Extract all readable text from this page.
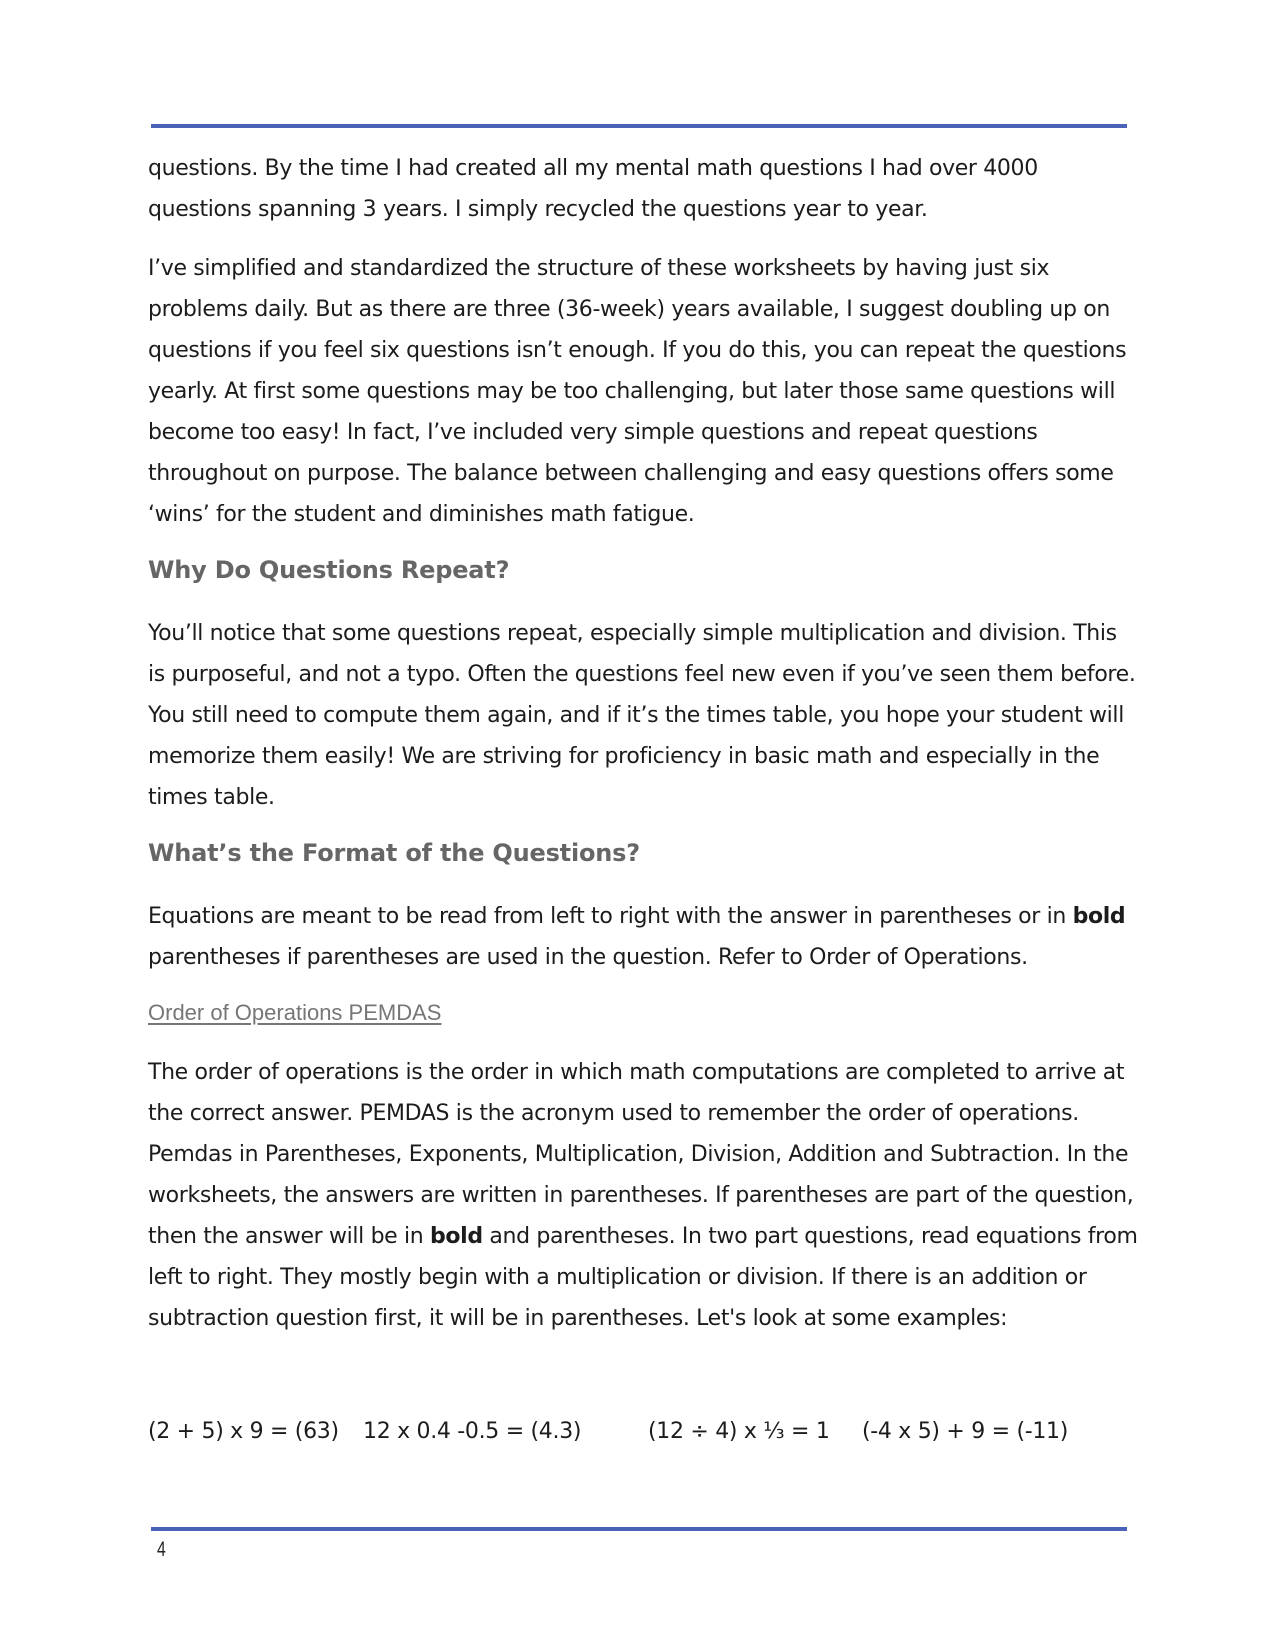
questions. By the time I had created all my mental math questions I had over 4000 questions spanning 3 years. I simply recycled the questions year to year.

I’ve simplified and standardized the structure of these worksheets by having just six problems daily. But as there are three (36-week) years available, I suggest doubling up on questions if you feel six questions isn’t enough. If you do this, you can repeat the questions yearly. At first some questions may be too challenging, but later those same questions will become too easy! In fact, I’ve included very simple questions and repeat questions throughout on purpose. The balance between challenging and easy questions offers some ‘wins’ for the student and diminishes math fatigue.

Why Do Questions Repeat?

You’ll notice that some questions repeat, especially simple multiplication and division. This is purposeful, and not a typo. Often the questions feel new even if you’ve seen them before. You still need to compute them again, and if it’s the times table, you hope your student will memorize them easily! We are striving for proficiency in basic math and especially in the times table.

What’s the Format of the Questions?

Equations are meant to be read from left to right with the answer in parentheses or in bold parentheses if parentheses are used in the question. Refer to Order of Operations.

Order of Operations PEMDAS

The order of operations is the order in which math computations are completed to arrive at the correct answer. PEMDAS is the acronym used to remember the order of operations. Pemdas in Parentheses, Exponents, Multiplication, Division, Addition and Subtraction. In the worksheets, the answers are written in parentheses. If parentheses are part of the question, then the answer will be in bold and parentheses. In two part questions, read equations from left to right. They mostly begin with a multiplication or division. If there is an addition or subtraction question first, it will be in parentheses. Let's look at some examples:

(2 + 5) x 9 = (63) 12 x 0.4 -0.5 = (4.3)	(12 ÷ 4) x ⅓ = 1 (-4 x 5) + 9 = (-11)
4
